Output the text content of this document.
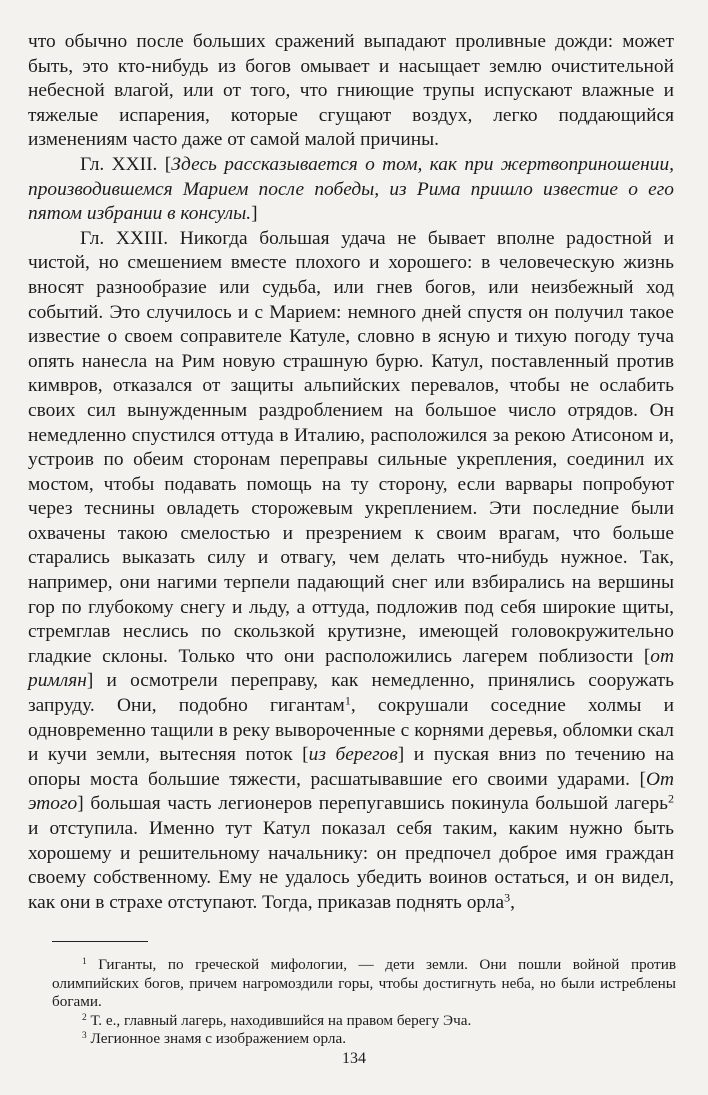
что обычно после больших сражений выпадают проливные дожди: может быть, это кто-нибудь из богов омывает и насыщает землю очистительной небесной влагой, или от того, что гниющие трупы испускают влажные и тяжелые испарения, которые сгущают воздух, легко поддающийся изменениям часто даже от самой малой причины.

Гл. XXII. [Здесь рассказывается о том, как при жертвоприношении, производившемся Марием после победы, из Рима пришло известие о его пятом избрании в консулы.]

Гл. XXIII. Никогда большая удача не бывает вполне радостной и чистой, но смешением вместе плохого и хорошего: в человеческую жизнь вносят разнообразие или судьба, или гнев богов, или неизбежный ход событий. Это случилось и с Марием: немного дней спустя он получил такое известие о своем соправителе Катуле, словно в ясную и тихую погоду туча опять нанесла на Рим новую страшную бурю. Катул, поставленный против кимвров, отказался от защиты альпийских перевалов, чтобы не ослабить своих сил вынужденным раздроблением на большое число отрядов. Он немедленно спустился оттуда в Италию, расположился за рекою Атисоном и, устроив по обеим сторонам переправы сильные укрепления, соединил их мостом, чтобы подавать помощь на ту сторону, если варвары попробуют через теснины овладеть сторожевым укреплением. Эти последние были охвачены такою смелостью и презрением к своим врагам, что больше старались выказать силу и отвагу, чем делать что-нибудь нужное. Так, например, они нагими терпели падающий снег или взбирались на вершины гор по глубокому снегу и льду, а оттуда, подложив под себя широкие щиты, стремглав неслись по скользкой крутизне, имеющей головокружительно гладкие склоны. Только что они расположились лагерем поблизости [от римлян] и осмотрели переправу, как немедленно, принялись сооружать запруду. Они, подобно гигантам$^1$, сокрушали соседние холмы и одновременно тащили в реку вывороченные с корнями деревья, обломки скал и кучи земли, вытесняя поток [из берегов] и пуская вниз по течению на опоры моста большие тяжести, расшатывавшие его своими ударами. [От этого] большая часть легионеров перепугавшись покинула большой лагерь$^2$ и отступила. Именно тут Катул показал себя таким, каким нужно быть хорошему и решительному начальнику: он предпочел доброе имя граждан своему собственному. Ему не удалось убедить воинов остаться, и он видел, как они в страхе отступают. Тогда, приказав поднять орла$^3$,

$^1$ Гиганты, по греческой мифологии, — дети земли. Они пошли войной против олимпийских богов, причем нагромоздили горы, чтобы достигнуть неба, но были истреблены богами.

$^2$ Т. е., главный лагерь, находившийся на правом берегу Эча.

$^3$ Легионное знамя с изображением орла.

134
